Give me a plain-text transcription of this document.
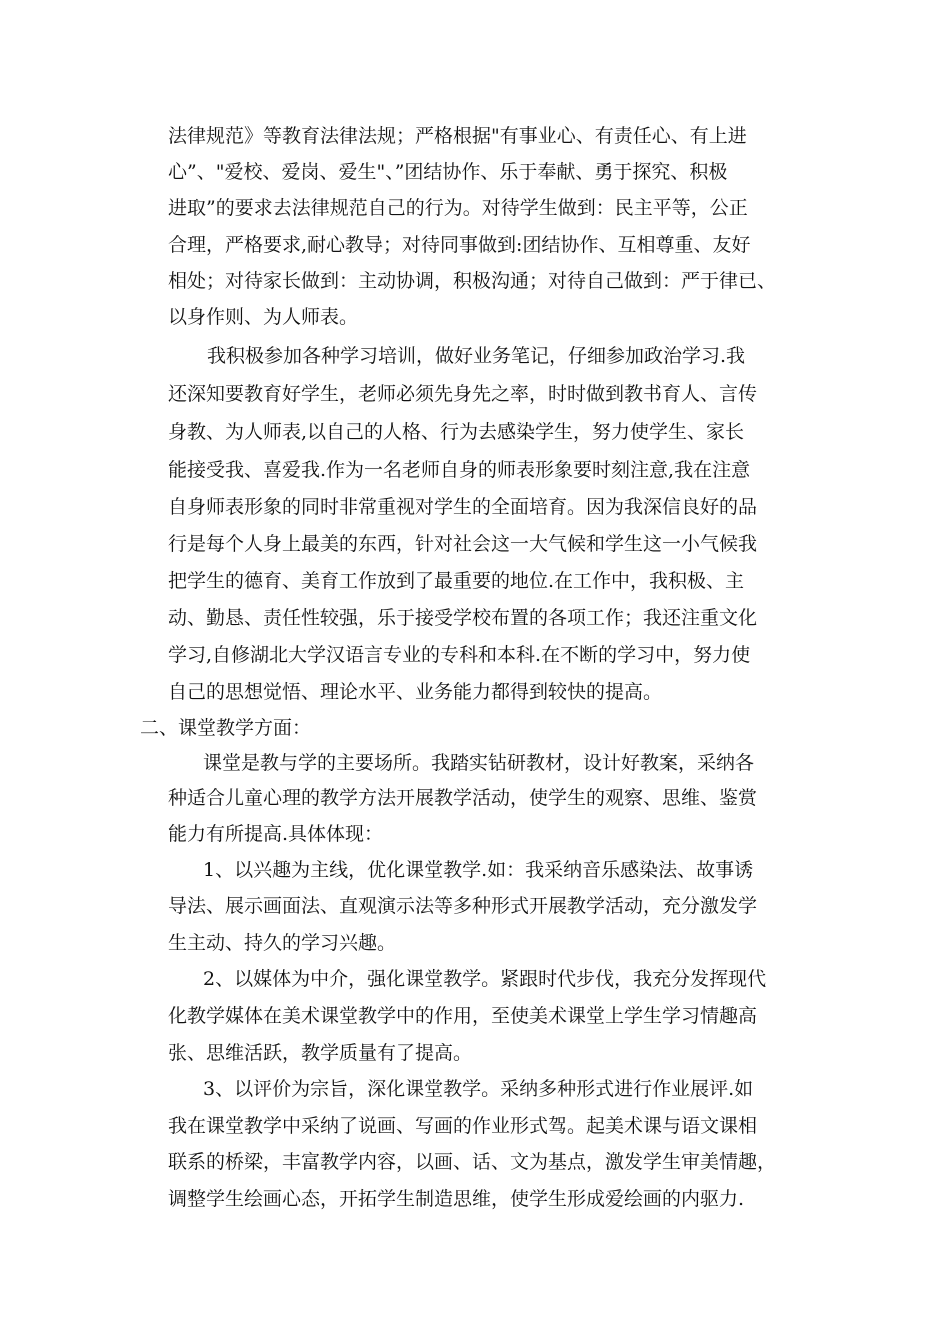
法律规范》等教育法律法规；严格根据"有事业心、有责任心、有上进
心”、"爱校、爱岗、爱生"、”团结协作、乐于奉献、勇于探究、积极
进取”的要求去法律规范自己的行为。对待学生做到：民主平等，公正
合理，严格要求,耐心教导；对待同事做到:团结协作、互相尊重、友好
相处；对待家长做到：主动协调，积极沟通；对待自己做到：严于律已、
以身作则、为人师表。
我积极参加各种学习培训，做好业务笔记，仔细参加政治学习.我
还深知要教育好学生，老师必须先身先之率，时时做到教书育人、言传
身教、为人师表,以自己的人格、行为去感染学生，努力使学生、家长
能接受我、喜爱我.作为一名老师自身的师表形象要时刻注意,我在注意
自身师表形象的同时非常重视对学生的全面培育。因为我深信良好的品
行是每个人身上最美的东西，针对社会这一大气候和学生这一小气候我
把学生的德育、美育工作放到了最重要的地位.在工作中，我积极、主
动、勤恳、责任性较强，乐于接受学校布置的各项工作；我还注重文化
学习,自修湖北大学汉语言专业的专科和本科.在不断的学习中，努力使
自己的思想觉悟、理论水平、业务能力都得到较快的提高。
二、课堂教学方面：
课堂是教与学的主要场所。我踏实钻研教材，设计好教案，采纳各
种适合儿童心理的教学方法开展教学活动，使学生的观察、思维、鉴赏
能力有所提高.具体体现：
1、以兴趣为主线，优化课堂教学.如：我采纳音乐感染法、故事诱
导法、展示画面法、直观演示法等多种形式开展教学活动，充分激发学
生主动、持久的学习兴趣。
2、以媒体为中介，强化课堂教学。紧跟时代步伐，我充分发挥现代
化教学媒体在美术课堂教学中的作用，至使美术课堂上学生学习情趣高
张、思维活跃，教学质量有了提高。
3、以评价为宗旨，深化课堂教学。采纳多种形式进行作业展评.如
我在课堂教学中采纳了说画、写画的作业形式驾。起美术课与语文课相
联系的桥梁，丰富教学内容，以画、话、文为基点，激发学生审美情趣，
调整学生绘画心态，开拓学生制造思维，使学生形成爱绘画的内驱力.
